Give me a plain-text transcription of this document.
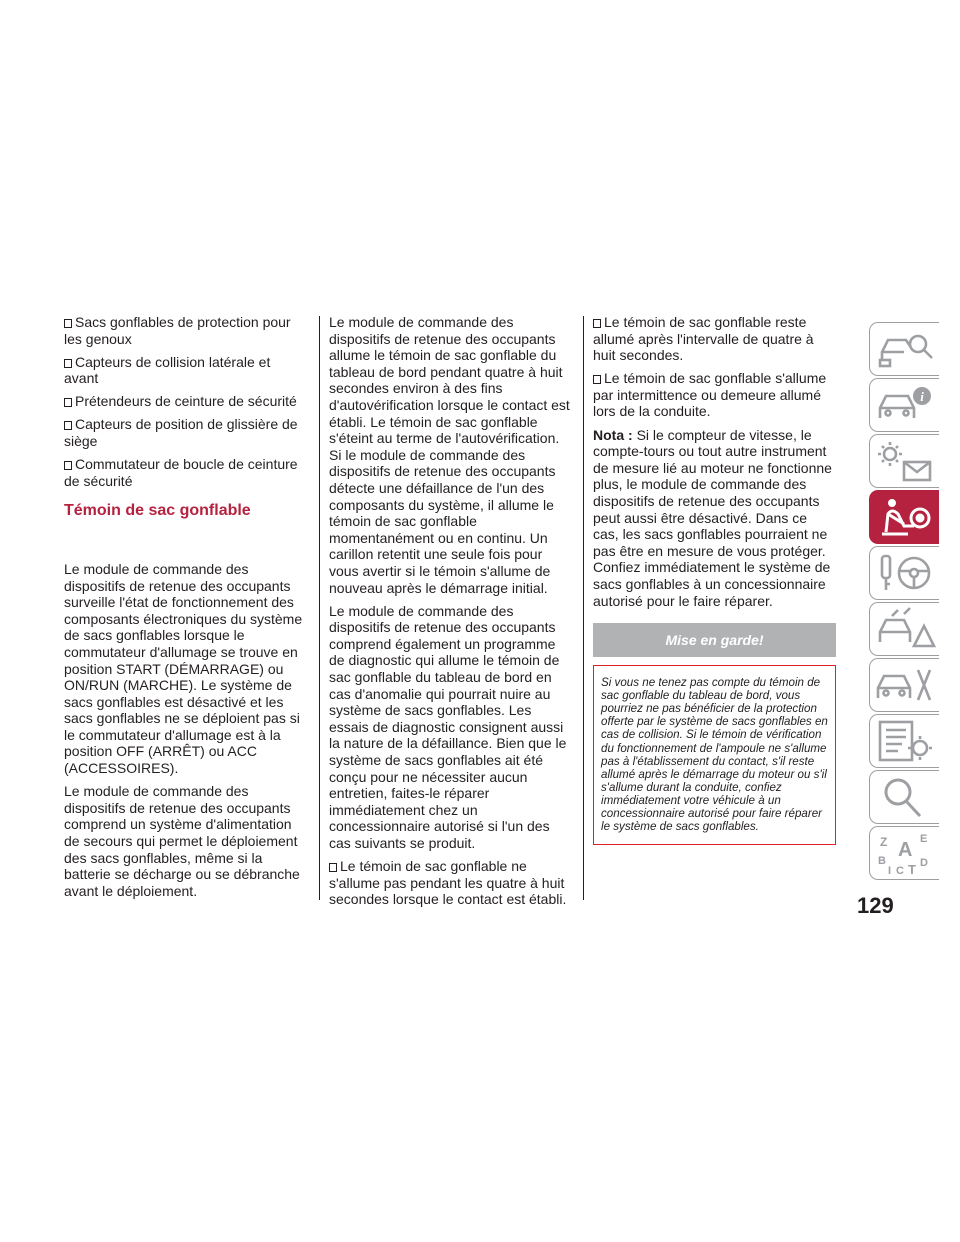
Sacs gonflables de protection pour les genoux
Capteurs de collision latérale et avant
Prétendeurs de ceinture de sécurité
Capteurs de position de glissière de siège
Commutateur de boucle de ceinture de sécurité
Témoin de sac gonflable

Le module de commande des dispositifs de retenue des occupants surveille l'état de fonctionnement des composants électroniques du système de sacs gonflables lorsque le commutateur d'allumage se trouve en position START (DÉMARRAGE) ou ON/RUN (MARCHE). Le système de sacs gonflables est désactivé et les sacs gonflables ne se déploient pas si le commutateur d'allumage est à la position OFF (ARRÊT) ou ACC (ACCESSOIRES).

Le module de commande des dispositifs de retenue des occupants comprend un système d'alimentation de secours qui permet le déploiement des sacs gonflables, même si la batterie se décharge ou se débranche avant le déploiement.

Le module de commande des dispositifs de retenue des occupants allume le témoin de sac gonflable du tableau de bord pendant quatre à huit secondes environ à des fins d'autovérification lorsque le contact est établi. Le témoin de sac gonflable s'éteint au terme de l'autovérification. Si le module de commande des dispositifs de retenue des occupants détecte une défaillance de l'un des composants du système, il allume le témoin de sac gonflable momentanément ou en continu. Un carillon retentit une seule fois pour vous avertir si le témoin s'allume de nouveau après le démarrage initial.

Le module de commande des dispositifs de retenue des occupants comprend également un programme de diagnostic qui allume le témoin de sac gonflable du tableau de bord en cas d'anomalie qui pourrait nuire au système de sacs gonflables. Les essais de diagnostic consignent aussi la nature de la défaillance. Bien que le système de sacs gonflables ait été conçu pour ne nécessiter aucun entretien, faites-le réparer immédiatement chez un concessionnaire autorisé si l'un des cas suivants se produit.

Le témoin de sac gonflable ne s'allume pas pendant les quatre à huit secondes lorsque le contact est établi.
Le témoin de sac gonflable reste allumé après l'intervalle de quatre à huit secondes.
Le témoin de sac gonflable s'allume par intermittence ou demeure allumé lors de la conduite.

Nota : Si le compteur de vitesse, le compte-tours ou tout autre instrument de mesure lié au moteur ne fonctionne plus, le module de commande des dispositifs de retenue des occupants peut aussi être désactivé. Dans ce cas, les sacs gonflables pourraient ne pas être en mesure de vous protéger. Confiez immédiatement le système de sacs gonflables à un concessionnaire autorisé pour le faire réparer.

Mise en garde!
Si vous ne tenez pas compte du témoin de sac gonflable du tableau de bord, vous pourriez ne pas bénéficier de la protection offerte par le système de sacs gonflables en cas de collision. Si le témoin de vérification du fonctionnement de l'ampoule ne s'allume pas à l'établissement du contact, s'il reste allumé après le démarrage du moteur ou s'il s'allume durant la conduite, confiez immédiatement votre véhicule à un concessionnaire autorisé pour faire réparer le système de sacs gonflables.
i
Z	E
A
B
I C T D
129
